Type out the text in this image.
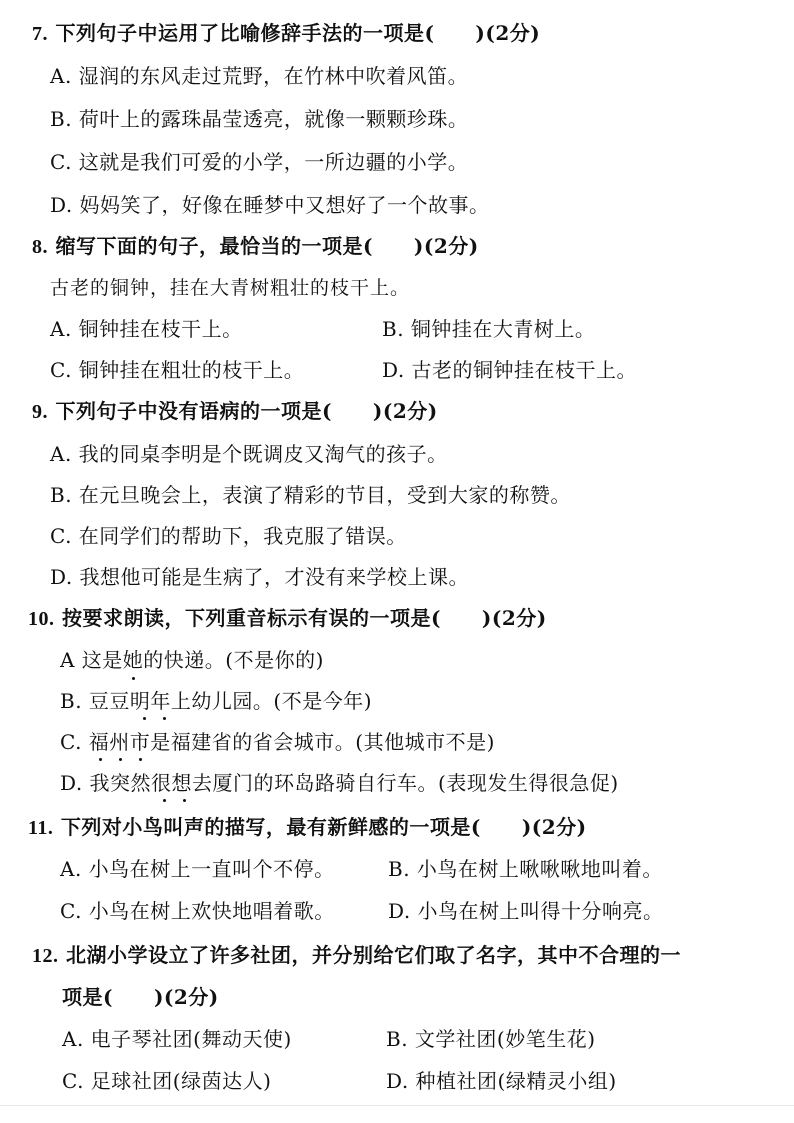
7. 下列句子中运用了比喻修辞手法的一项是(　　)(2分)
A. 湿润的东风走过荒野，在竹林中吹着风笛。
B. 荷叶上的露珠晶莹透亮，就像一颗颗珍珠。
C. 这就是我们可爱的小学，一所边疆的小学。
D. 妈妈笑了，好像在睡梦中又想好了一个故事。
8. 缩写下面的句子，最恰当的一项是(　　)(2分)
古老的铜钟，挂在大青树粗壮的枝干上。
A. 铜钟挂在枝干上。	B. 铜钟挂在大青树上。
C. 铜钟挂在粗壮的枝干上。	D. 古老的铜钟挂在枝干上。
9. 下列句子中没有语病的一项是(　　)(2分)
A. 我的同桌李明是个既调皮又淘气的孩子。
B. 在元旦晚会上，表演了精彩的节目，受到大家的称赞。
C. 在同学们的帮助下，我克服了错误。
D. 我想他可能是生病了，才没有来学校上课。
10. 按要求朗读，下列重音标示有误的一项是(　　)(2分)
A 这是她的快递。(不是你的)
B. 豆豆明年上幼儿园。(不是今年)
C. 福州市是福建省的省会城市。(其他城市不是)
D. 我突然很想去厦门的环岛路骑自行车。(表现发生得很急促)
11. 下列对小鸟叫声的描写，最有新鲜感的一项是(　　)(2分)
A. 小鸟在树上一直叫个不停。	B. 小鸟在树上啾啾啾地叫着。
C. 小鸟在树上欢快地唱着歌。	D. 小鸟在树上叫得十分响亮。
12. 北湖小学设立了许多社团，并分别给它们取了名字，其中不合理的一
项是(　　)(2分)
A. 电子琴社团(舞动天使)	B. 文学社团(妙笔生花)
C. 足球社团(绿茵达人)	D. 种植社团(绿精灵小组)
